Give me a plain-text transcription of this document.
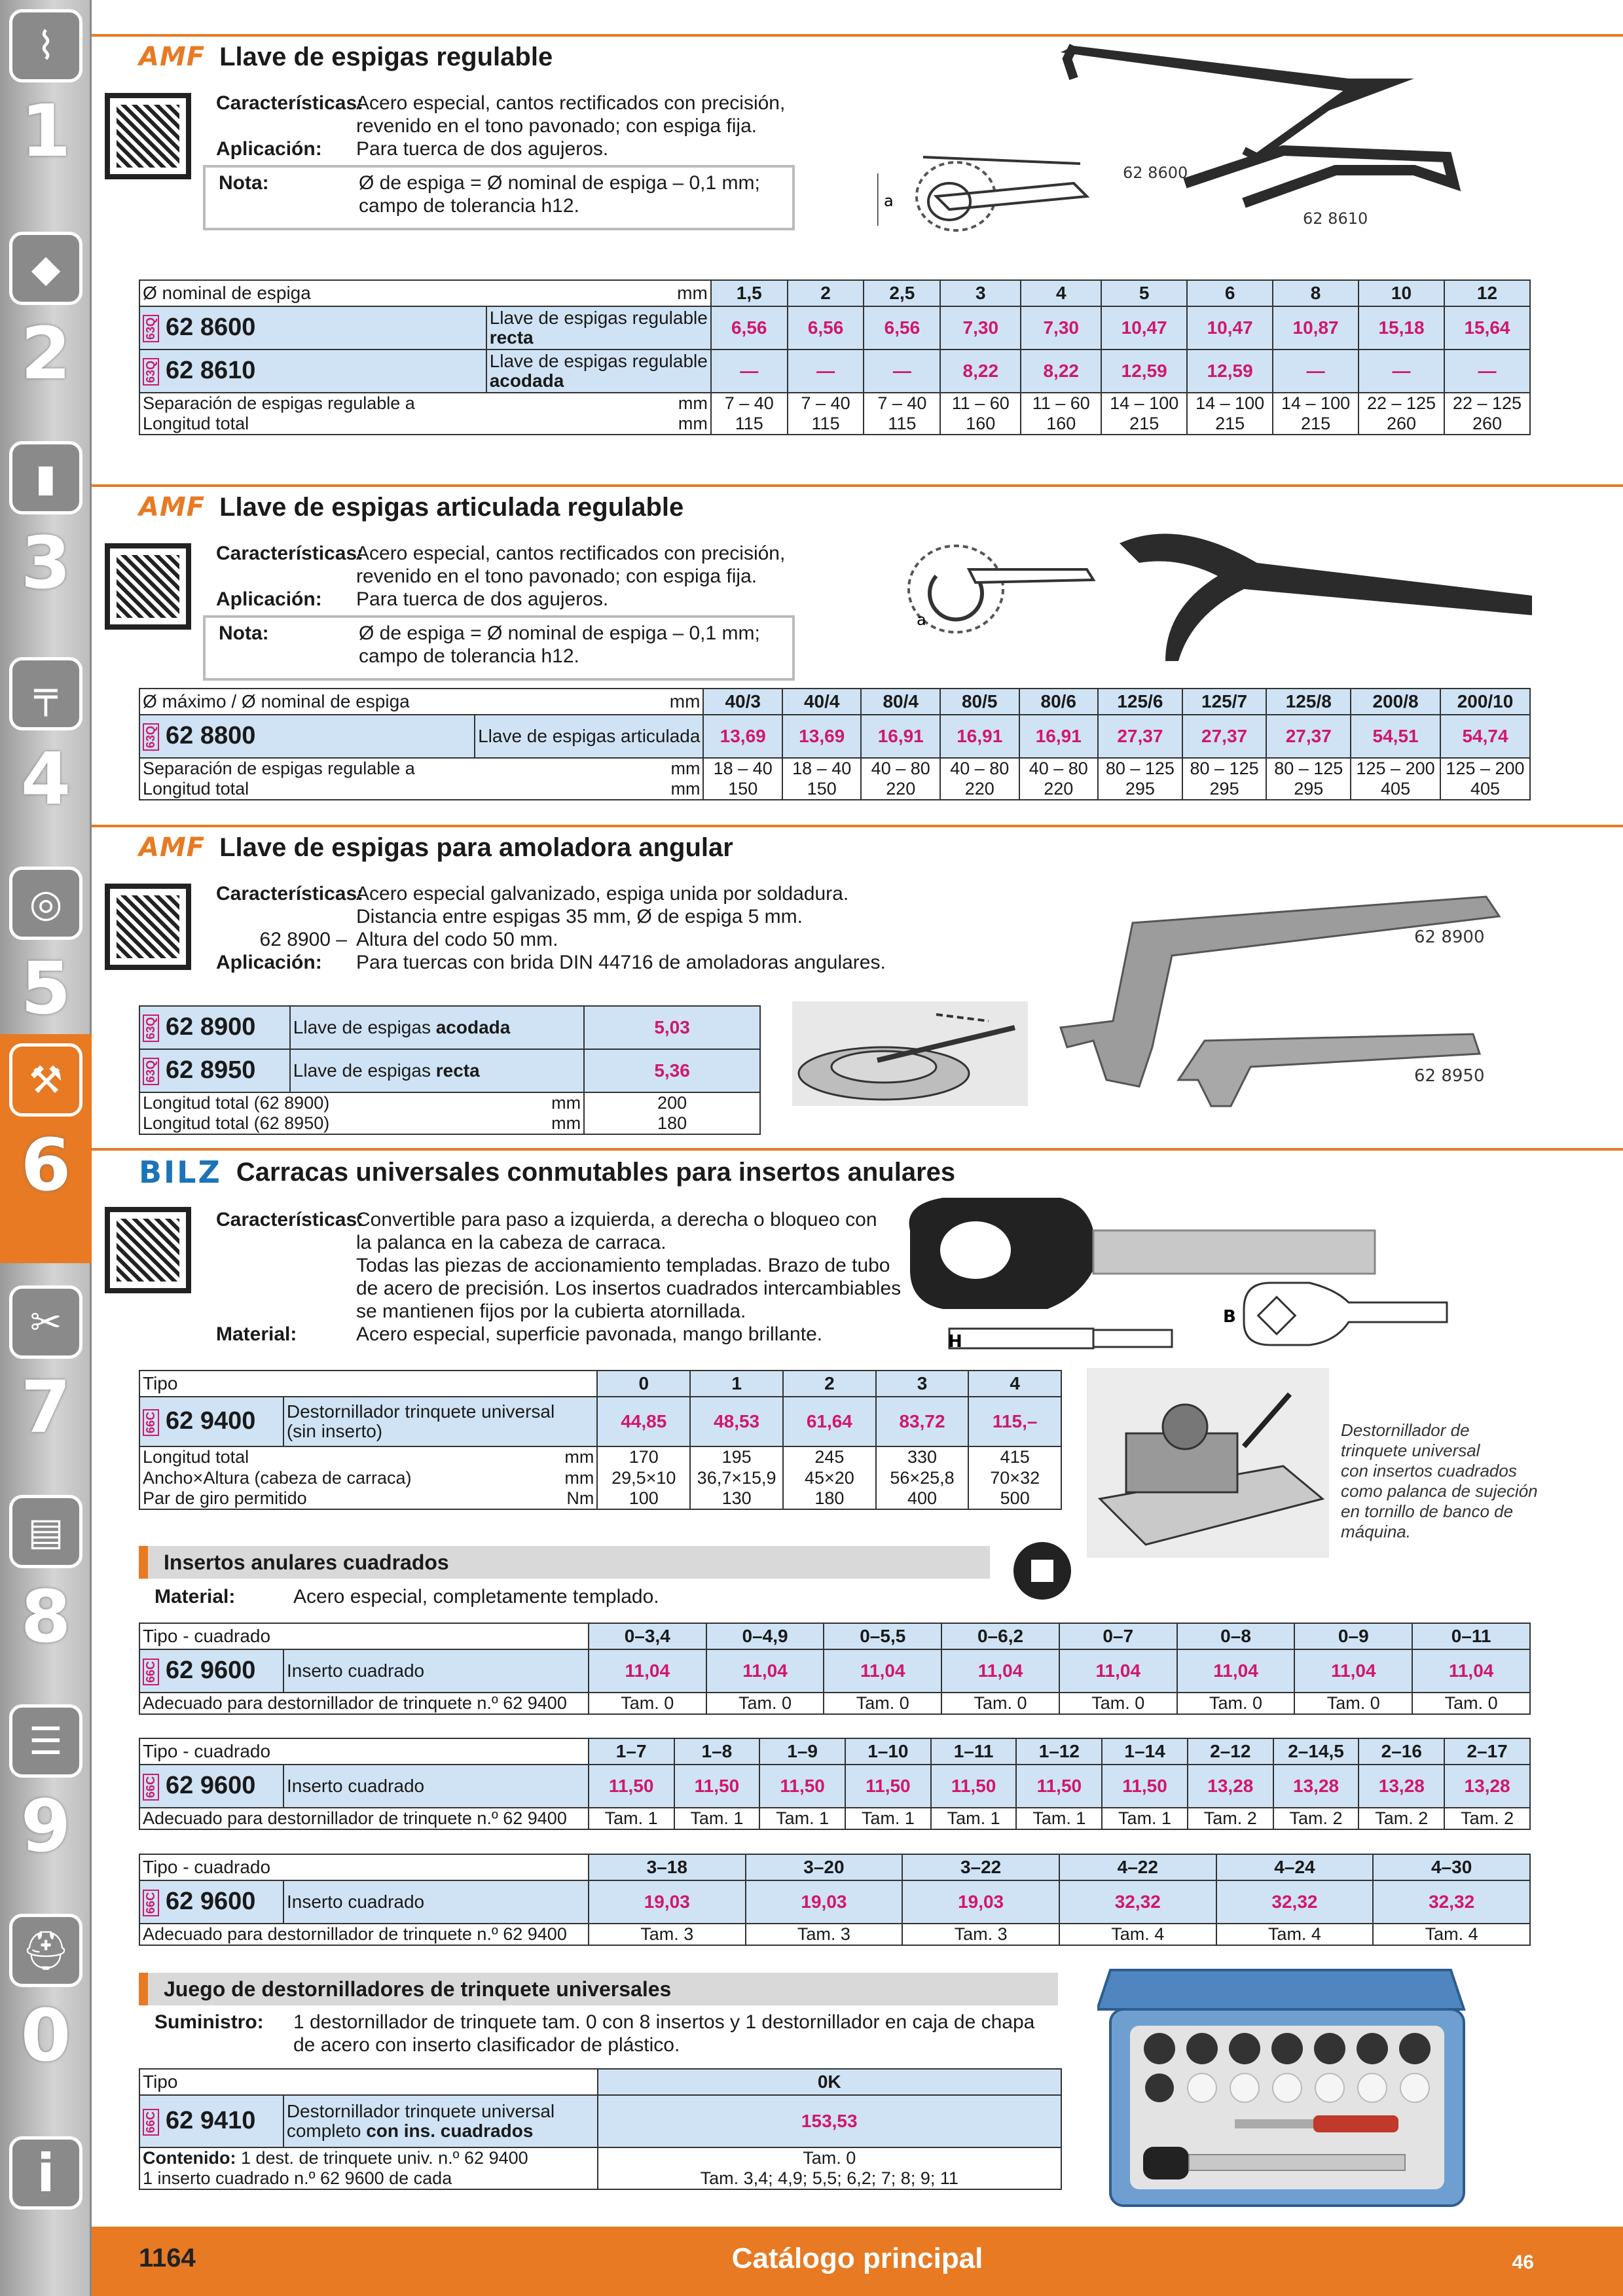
⌇
1
◆
2
▮
3
╤
4
◎
5
⚒
6
✂
7
▤
8
☰
9
⛑
0
i
AMF Llave de espigas regulable
Características:
Acero especial, cantos rectificados con precisión,
revenido en el tono pavonado; con espiga fija.
Aplicación:	Para tuerca de dos agujeros.
Nota:	Ø de espiga = Ø nominal de espiga – 0,1 mm;
campo de tolerancia h12.	a
62 8600
62 8610
Ø nominal de espiga		mm	1,5	2	2,5	3	4	5	6	8	10	12
63Q 62 8600	Llave de espigas regulable
recta		6,56	6,56	6,56	7,30	7,30	10,47	10,47	10,87	15,18	15,64
63Q 62 8610	Llave de espigas regulable
acodada		—	—	—	8,22	8,22	12,59	12,59	—	—	—
Separación de espigas regulable a		mm	7 – 40	7 – 40	7 – 40	11 – 60	11 – 60	14 – 100	14 – 100	14 – 100	22 – 125	22 – 125
Longitud total		mm	115	115	115	160	160	215	215	215	260	260
AMF Llave de espigas articulada regulable
Características:
Acero especial, cantos rectificados con precisión,
revenido en el tono pavonado; con espiga fija.
Aplicación:	Para tuerca de dos agujeros.
Nota:	Ø de espiga = Ø nominal de espiga – 0,1 mm;
campo de tolerancia h12.
a
Ø máximo / Ø nominal de espiga		mm	40/3	40/4	80/4	80/5	80/6	125/6	125/7	125/8	200/8	200/10
63Q 62 8800	Llave de espigas articulada		13,69	13,69	16,91	16,91	16,91	27,37	27,37	27,37	54,51	54,74
Separación de espigas regulable a		mm	18 – 40	18 – 40	40 – 80	40 – 80	40 – 80	80 – 125	80 – 125	80 – 125	125 – 200	125 – 200
Longitud total		mm	150	150	220	220	220	295	295	295	405	405
AMF Llave de espigas para amoladora angular
Características:
Acero especial galvanizado, espiga unida por soldadura.
Distancia entre espigas 35 mm, Ø de espiga 5 mm.
62 8900 – Altura del codo 50 mm.
Aplicación:	Para tuercas con brida DIN 44716 de amoladoras angulares.
62 8900
62 8950
63Q 62 8900	Llave de espigas acodada		5,03
63Q 62 8950	Llave de espigas recta		5,36
Longitud total (62 8900)		mm	200
Longitud total (62 8950)		mm	180
BILZ Carracas universales conmutables para insertos anulares
Características:
Convertible para paso a izquierda, a derecha o bloqueo con
la palanca en la cabeza de carraca.
Todas las piezas de accionamiento templadas. Brazo de tubo
de acero de precisión. Los insertos cuadrados intercambiables
se mantienen fijos por la cubierta atornillada.
Material:	Acero especial, superficie pavonada, mango brillante.	H
B
Tipo			0	1	2	3	4
66C 62 9400	Destornillador trinquete universal
(sin inserto)		44,85	48,53	61,64	83,72	115,–
Longitud total		mm	170	195	245	330	415
Ancho×Altura (cabeza de carraca)		mm	29,5×10	36,7×15,9	45×20	56×25,8	70×32
Par de giro permitido		Nm	100	130	180	400	500
Destornillador de
trinquete universal
con insertos cuadrados
como palanca de sujeción
en tornillo de banco de
máquina.
Insertos anulares cuadrados
Material:	Acero especial, completamente templado.
Tipo - cuadrado		0–3,4	0–4,9	0–5,5	0–6,2	0–7	0–8	0–9	0–11
66C 62 9600	Inserto cuadrado	11,04	11,04	11,04	11,04	11,04	11,04	11,04	11,04
Adecuado para destornillador de trinquete n.º 62 9400		Tam. 0	Tam. 0	Tam. 0	Tam. 0	Tam. 0	Tam. 0	Tam. 0	Tam. 0
Tipo - cuadrado		1–7	1–8	1–9	1–10	1–11	1–12	1–14	2–12	2–14,5	2–16	2–17
66C 62 9600	Inserto cuadrado	11,50	11,50	11,50	11,50	11,50	11,50	11,50	13,28	13,28	13,28	13,28
Adecuado para destornillador de trinquete n.º 62 9400		Tam. 1	Tam. 1	Tam. 1	Tam. 1	Tam. 1	Tam. 1	Tam. 1	Tam. 2	Tam. 2	Tam. 2	Tam. 2
Tipo - cuadrado		3–18	3–20	3–22	4–22	4–24	4–30
66C 62 9600	Inserto cuadrado	19,03	19,03	19,03	32,32	32,32	32,32
Adecuado para destornillador de trinquete n.º 62 9400		Tam. 3	Tam. 3	Tam. 3	Tam. 4	Tam. 4	Tam. 4
Juego de destornilladores de trinquete universales
Suministro:	1 destornillador de trinquete tam. 0 con 8 insertos y 1 destornillador en caja de chapa
de acero con inserto clasificador de plástico.
Tipo		0K
66C 62 9410	Destornillador trinquete universal
completo con ins. cuadrados	153,53
Contenido: 1 dest. de trinquete univ. n.º 62 9400		Tam. 0
1 inserto cuadrado n.º 62 9600 de cada		Tam. 3,4; 4,9; 5,5; 6,2; 7; 8; 9; 11
1164	Catálogo principal	46
